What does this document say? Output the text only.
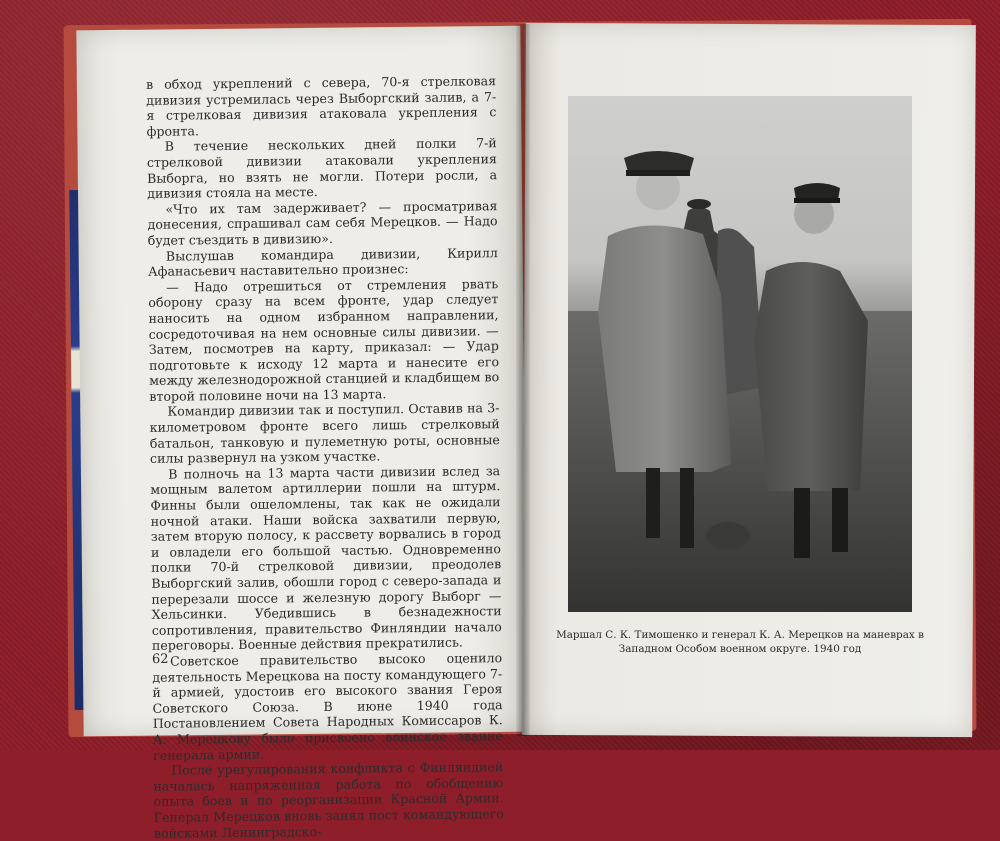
в обход укреплений с севера, 70-я стрелковая дивизия устремилась через Выборгский залив, а 7-я стрелковая дивизия атаковала укрепления с фронта.

В течение нескольких дней полки 7-й стрелковой дивизии атаковали укрепления Выборга, но взять не могли. Потери росли, а дивизия стояла на месте.

«Что их там задерживает? — просматривая донесения, спрашивал сам себя Мерецков. — Надо будет съездить в дивизию».

Выслушав командира дивизии, Кирилл Афанасьевич наставительно произнес:

— Надо отрешиться от стремления рвать оборону сразу на всем фронте, удар следует наносить на одном избранном направлении, сосредоточивая на нем основные силы дивизии. — Затем, посмотрев на карту, приказал: — Удар подготовьте к исходу 12 марта и нанесите его между железнодорожной станцией и кладбищем во второй половине ночи на 13 марта.

Командир дивизии так и поступил. Оставив на 3-километровом фронте всего лишь стрелковый батальон, танковую и пулеметную роты, основные силы развернул на узком участке.

В полночь на 13 марта части дивизии вслед за мощным валетом артиллерии пошли на штурм. Финны были ошеломлены, так как не ожидали ночной атаки. Наши войска захватили первую, затем вторую полосу, к рассвету ворвались в город и овладели его большой частью. Одновременно полки 70-й стрелковой дивизии, преодолев Выборгский залив, обошли город с северо-запада и перерезали шоссе и железную дорогу Выборг — Хельсинки. Убедившись в безнадежности сопротивления, правительство Финляндии начало переговоры. Военные действия прекратились.

Советское правительство высоко оценило деятельность Мерецкова на посту командующего 7-й армией, удостоив его высокого звания Героя Советского Союза. В июне 1940 года Постановлением Совета Народных Комиссаров К. А. Мерецкову было присвоено воинское звание генерала армии.

После урегулирования конфликта с Финляндией началась напряженная работа по обобщению опыта боев и по реорганизации Красной Армии. Генерал Мерецков вновь занял пост командующего войсками Ленинградско-

62
Маршал С. К. Тимошенко и генерал К. А. Мерецков на маневрах в Западном Особом военном округе. 1940 год
